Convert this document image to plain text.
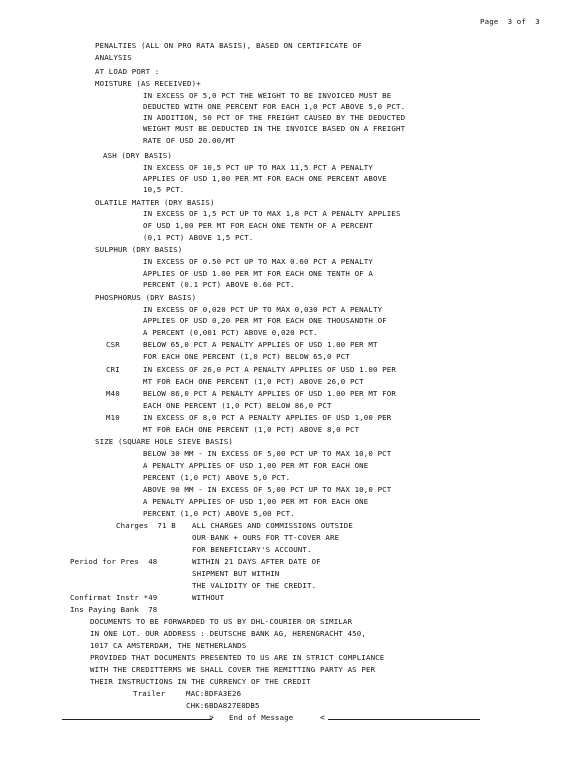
Page  3 of  3
PENALTIES (ALL ON PRO RATA BASIS), BASED ON CERTIFICATE OF
ANALYSIS
AT LOAD PORT :
MOISTURE (AS RECEIVED)+
IN EXCESS OF 5,0 PCT THE WEIGHT TO BE INVOICED MUST BE
DEDUCTED WITH ONE PERCENT FOR EACH 1,0 PCT ABOVE 5,0 PCT.
IN ADDITION, 50 PCT OF THE FREIGHT CAUSED BY THE DEDUCTED
WEIGHT MUST BE DEDUCTED IN THE INVOICE BASED ON A FREIGHT
RATE OF USD 20.00/MT
ASH (DRY BASIS)
IN EXCESS OF 10,5 PCT UP TO MAX 11,5 PCT A PENALTY
APPLIES OF USD 1,00 PER MT FOR EACH ONE PERCENT ABOVE
10,5 PCT.
OLATILE MATTER (DRY BASIS)
IN EXCESS OF 1,5 PCT UP TO MAX 1,8 PCT A PENALTY APPLIES
OF USD 1,00 PER MT FOR EACH ONE TENTH OF A PERCENT
(0,1 PCT) ABOVE 1,5 PCT.
SULPHUR (DRY BASIS)
IN EXCESS OF 0.50 PCT UP TO MAX 0.60 PCT A PENALTY
APPLIES OF USD 1.00 PER MT FOR EACH ONE TENTH OF A
PERCENT (0.1 PCT) ABOVE 0.60 PCT.
PHOSPHORUS (DRY BASIS)
IN EXCESS OF 0,020 PCT UP TO MAX 0,030 PCT A PENALTY
APPLIES OF USD 0,20 PER MT FOR EACH ONE THOUSANDTH OF
A PERCENT (0,001 PCT) ABOVE 0,020 PCT.
CSR	BELOW 65,0 PCT A PENALTY APPLIES OF USD 1.00 PER MT
FOR EACH ONE PERCENT (1,0 PCT) BELOW 65,0 PCT
CRI	IN EXCESS OF 26,0 PCT A PENALTY APPLIES OF USD 1.00 PER
MT FOR EACH ONE PERCENT (1,0 PCT) ABOVE 26,0 PCT
M40	BELOW 86,0 PCT A PENALTY APPLIES OF USD 1.00 PER MT FOR
EACH ONE PERCENT (1,0 PCT) BELOW 86,0 PCT
M10	IN EXCESS OF 8,0 PCT A PENALTY APPLIES OF USD 1,00 PER
MT FOR EACH ONE PERCENT (1,0 PCT) ABOVE 8,0 PCT
SIZE (SQUARE HOLE SIEVE BASIS)
BELOW 30 MM - IN EXCESS OF 5,00 PCT UP TO MAX 10,0 PCT
A PENALTY APPLIES OF USD 1,00 PER MT FOR EACH ONE
PERCENT (1,0 PCT) ABOVE 5,0 PCT.
ABOVE 90 MM - IN EXCESS OF 5,00 PCT UP TO MAX 10,0 PCT
A PENALTY APPLIES OF USD 1,00 PER MT FOR EACH ONE
PERCENT (1,0 PCT) ABOVE 5,00 PCT.
Charges  71 B ALL CHARGES AND COMMISSIONS OUTSIDE
OUR BANK + OURS FOR TT-COVER ARE
FOR BENEFICIARY'S ACCOUNT.
Period for Pres  48	WITHIN 21 DAYS AFTER DATE OF
SHIPMENT BUT WITHIN
THE VALIDITY OF THE CREDIT.
Confirmat Instr *49	WITHOUT
Ins Paying Bank  78
DOCUMENTS TO BE FORWARDED TO US BY DHL-COURIER OR SIMILAR
IN ONE LOT. OUR ADDRESS : DEUTSCHE BANK AG, HERENGRACHT 450,
1017 CA AMSTERDAM, THE NETHERLANDS
PROVIDED THAT DOCUMENTS PRESENTED TO US ARE IN STRICT COMPLIANCE
WITH THE CREDITTERMS WE SHALL COVER THE REMITTING PARTY AS PER
THEIR INSTRUCTIONS IN THE CURRENCY OF THE CREDIT
Trailer	MAC:8DFA3E26
CHK:6BDA827E0DB5
> End of Message	<
